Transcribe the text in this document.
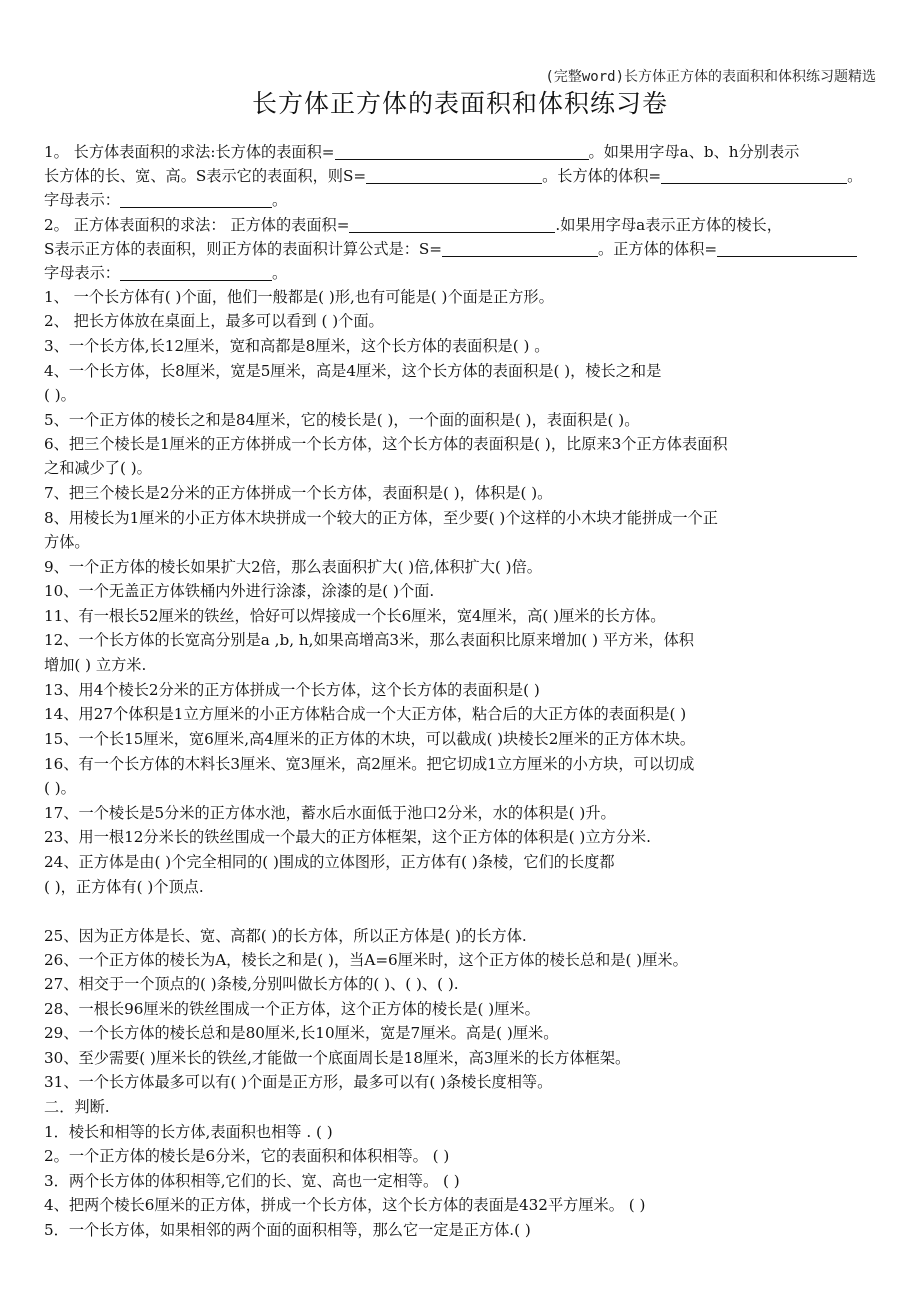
(完整word)长方体正方体的表面积和体积练习题精选
长方体正方体的表面积和体积练习卷
1。 长方体表面积的求法:长方体的表面积=	。如果用字母a、b、h分别表示
长方体的长、宽、高。S表示它的表面积，则S=	。长方体的体积=	。
字母表示：	。
2。 正方体表面积的求法： 正方体的表面积=	.如果用字母a表示正方体的棱长，
S表示正方体的表面积，则正方体的表面积计算公式是：S=	。正方体的体积=
字母表示：	。
1、 一个长方体有( )个面，他们一般都是( )形,也有可能是( )个面是正方形。
2、 把长方体放在桌面上，最多可以看到 ( )个面。
3、一个长方体,长12厘米，宽和高都是8厘米，这个长方体的表面积是( ) 。
4、一个长方体，长8厘米，宽是5厘米，高是4厘米，这个长方体的表面积是( )，棱长之和是
( )。
5、一个正方体的棱长之和是84厘米，它的棱长是( )，一个面的面积是( )，表面积是( )。
6、把三个棱长是1厘米的正方体拼成一个长方体，这个长方体的表面积是( )，比原来3个正方体表面积
之和减少了( )。
7、把三个棱长是2分米的正方体拼成一个长方体，表面积是( )，体积是( )。
8、用棱长为1厘米的小正方体木块拼成一个较大的正方体，至少要( )个这样的小木块才能拼成一个正
方体。
9、一个正方体的棱长如果扩大2倍，那么表面积扩大( )倍,体积扩大( )倍。
10、一个无盖正方体铁桶内外进行涂漆，涂漆的是( )个面.
11、有一根长52厘米的铁丝，恰好可以焊接成一个长6厘米，宽4厘米，高( )厘米的长方体。
12、一个长方体的长宽高分别是a ,b, h,如果高增高3米，那么表面积比原来增加( ) 平方米，体积
增加( ) 立方米.
13、用4个棱长2分米的正方体拼成一个长方体，这个长方体的表面积是( )
14、用27个体积是1立方厘米的小正方体粘合成一个大正方体，粘合后的大正方体的表面积是( )
15、一个长15厘米，宽6厘米,高4厘米的正方体的木块，可以截成( )块棱长2厘米的正方体木块。
16、有一个长方体的木料长3厘米、宽3厘米，高2厘米。把它切成1立方厘米的小方块，可以切成
( )。
17、一个棱长是5分米的正方体水池，蓄水后水面低于池口2分米，水的体积是( )升。
23、用一根12分米长的铁丝围成一个最大的正方体框架，这个正方体的体积是( )立方分米.
24、正方体是由( )个完全相同的( )围成的立体图形，正方体有( )条棱，它们的长度都
( )，正方体有( )个顶点.
25、因为正方体是长、宽、高都( )的长方体，所以正方体是( )的长方体.
26、一个正方体的棱长为A，棱长之和是( )，当A=6厘米时，这个正方体的棱长总和是( )厘米。
27、相交于一个顶点的( )条棱,分别叫做长方体的( )、( )、( ).
28、一根长96厘米的铁丝围成一个正方体，这个正方体的棱长是( )厘米。
29、一个长方体的棱长总和是80厘米,长10厘米，宽是7厘米。高是( )厘米。
30、至少需要( )厘米长的铁丝,才能做一个底面周长是18厘米，高3厘米的长方体框架。
31、一个长方体最多可以有( )个面是正方形，最多可以有( )条棱长度相等。
二．判断.
1．棱长和相等的长方体,表面积也相等 . ( )
2。一个正方体的棱长是6分米，它的表面积和体积相等。 ( )
3．两个长方体的体积相等,它们的长、宽、高也一定相等。 ( )
4、把两个棱长6厘米的正方体，拼成一个长方体，这个长方体的表面是432平方厘米。 ( )
5．一个长方体，如果相邻的两个面的面积相等，那么它一定是正方体.( )
